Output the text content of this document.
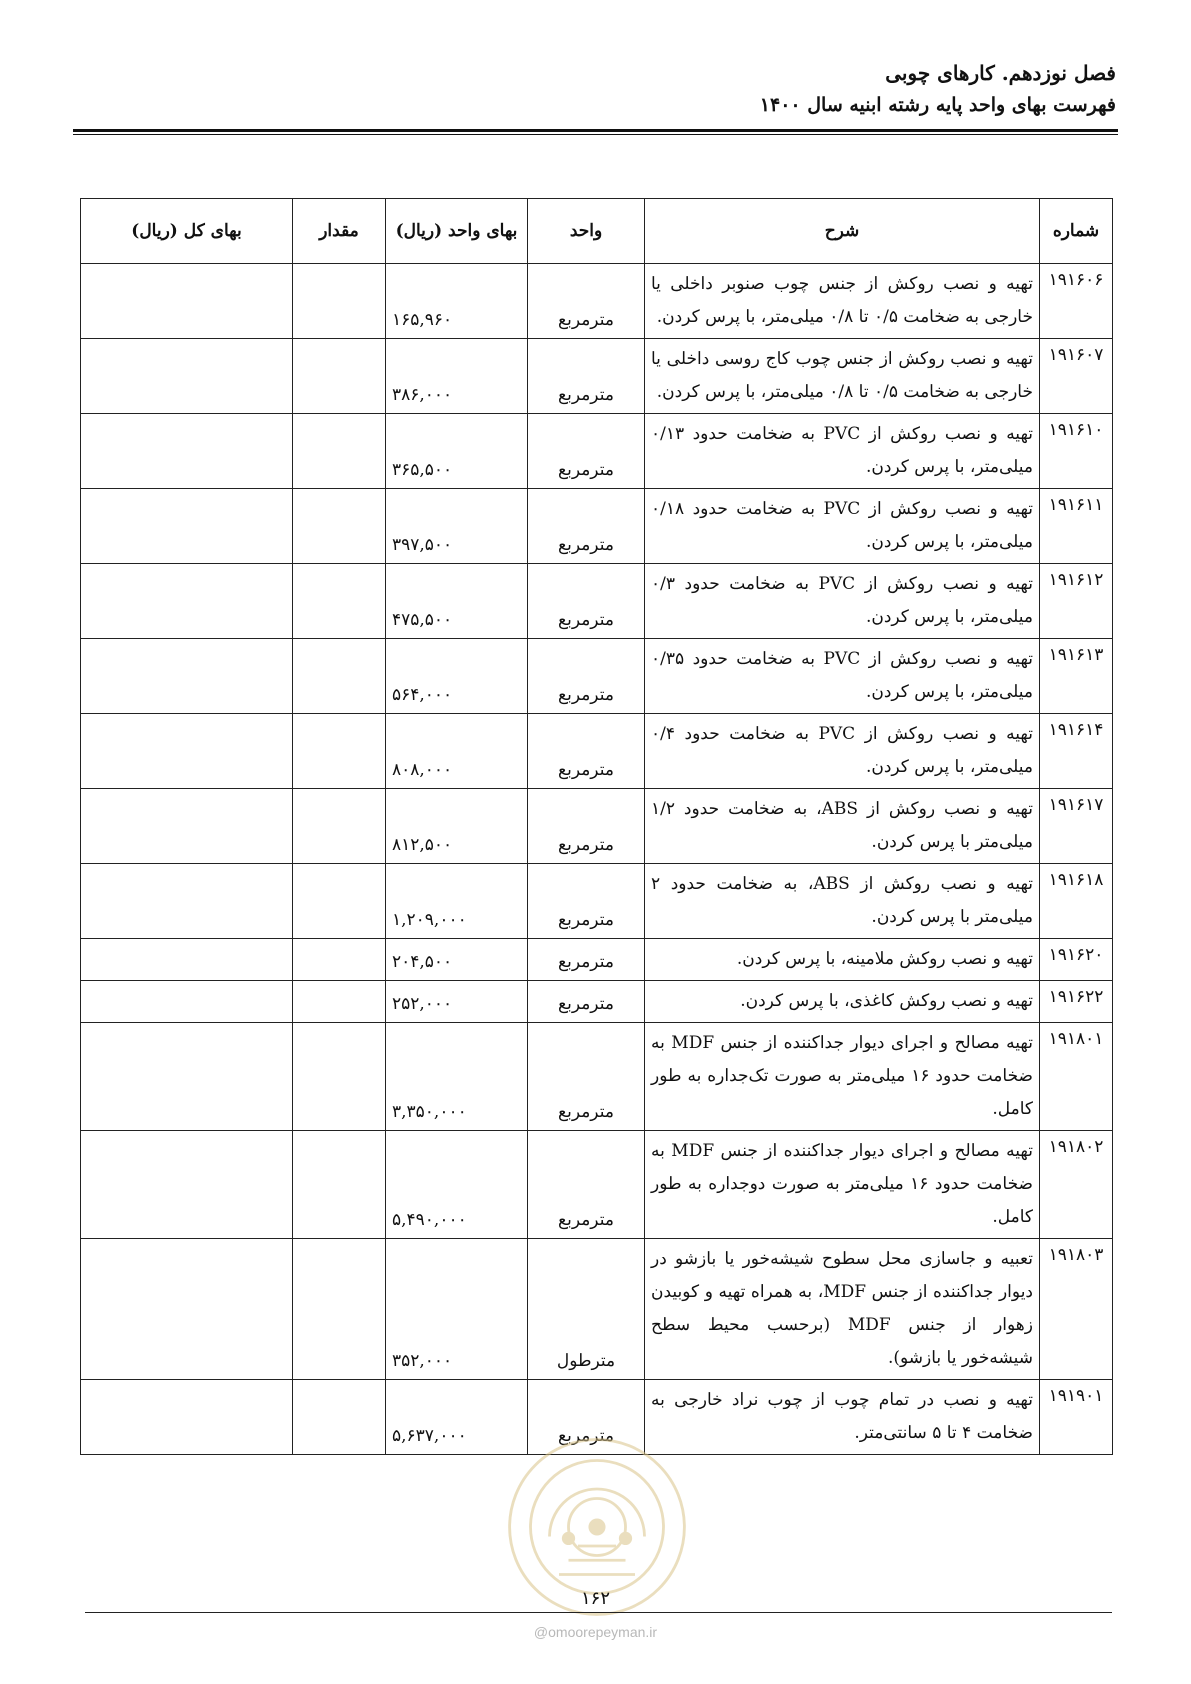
فصل نوزدهم. کارهای چوبی
فهرست بهای واحد پایه رشته ابنیه سال ۱۴۰۰
شماره	شرح	واحد	بهای واحد (ریال)	مقدار	بهای کل (ریال)
۱۹۱۶۰۶	تهیه و نصب روکش از جنس چوب صنوبر داخلی یا خارجی به ضخامت ۰/۵ تا ۰/۸ میلی‌متر، با پرس کردن.	مترمربع	۱۶۵,۹۶۰		
۱۹۱۶۰۷	تهیه و نصب روکش از جنس چوب کاج روسی داخلی یا خارجی به ضخامت ۰/۵ تا ۰/۸ میلی‌متر، با پرس کردن.	مترمربع	۳۸۶,۰۰۰		
۱۹۱۶۱۰	تهیه و نصب روکش از PVC به ضخامت حدود ۰/۱۳ میلی‌متر، با پرس کردن.	مترمربع	۳۶۵,۵۰۰		
۱۹۱۶۱۱	تهیه و نصب روکش از PVC به ضخامت حدود ۰/۱۸ میلی‌متر، با پرس کردن.	مترمربع	۳۹۷,۵۰۰		
۱۹۱۶۱۲	تهیه و نصب روکش از PVC به ضخامت حدود ۰/۳ میلی‌متر، با پرس کردن.	مترمربع	۴۷۵,۵۰۰		
۱۹۱۶۱۳	تهیه و نصب روکش از PVC به ضخامت حدود ۰/۳۵ میلی‌متر، با پرس کردن.	مترمربع	۵۶۴,۰۰۰		
۱۹۱۶۱۴	تهیه و نصب روکش از PVC به ضخامت حدود ۰/۴ میلی‌متر، با پرس کردن.	مترمربع	۸۰۸,۰۰۰		
۱۹۱۶۱۷	تهیه و نصب روکش از ABS، به ضخامت حدود ۱/۲ میلی‌متر با پرس کردن.	مترمربع	۸۱۲,۵۰۰		
۱۹۱۶۱۸	تهیه و نصب روکش از ABS، به ضخامت حدود ۲ میلی‌متر با پرس کردن.	مترمربع	۱,۲۰۹,۰۰۰		
۱۹۱۶۲۰	تهیه و نصب روکش ملامینه، با پرس کردن.	مترمربع	۲۰۴,۵۰۰		
۱۹۱۶۲۲	تهیه و نصب روکش کاغذی، با پرس کردن.	مترمربع	۲۵۲,۰۰۰		
۱۹۱۸۰۱	تهیه مصالح و اجرای دیوار جداکننده از جنس MDF به ضخامت حدود ۱۶ میلی‌متر به صورت تک‌جداره به طور کامل.	مترمربع	۳,۳۵۰,۰۰۰		
۱۹۱۸۰۲	تهیه مصالح و اجرای دیوار جداکننده از جنس MDF به ضخامت حدود ۱۶ میلی‌متر به صورت دوجداره به طور کامل.	مترمربع	۵,۴۹۰,۰۰۰		
۱۹۱۸۰۳	تعبیه و جاسازی محل سطوح شیشه‌خور یا بازشو در دیوار جداکننده از جنس MDF، به همراه تهیه و کوبیدن زهوار از جنس MDF (برحسب محیط سطح شیشه‌خور یا بازشو).	مترطول	۳۵۲,۰۰۰		
۱۹۱۹۰۱	تهیه و نصب در تمام چوب از چوب نراد خارجی به ضخامت ۴ تا ۵ سانتی‌متر.	مترمربع	۵,۶۳۷,۰۰۰		
۱۶۲
@omoorepeyman.ir
